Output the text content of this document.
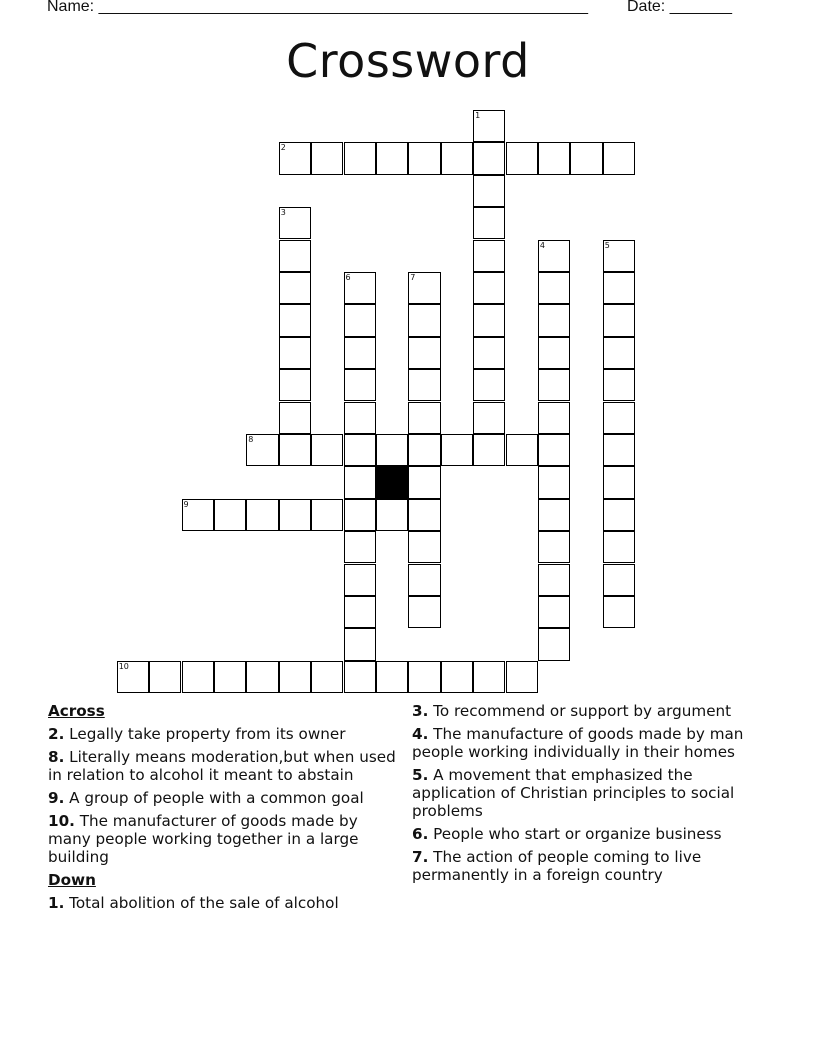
Name: _______________________________________________________ Date: _______
Crossword
1
2
3
4	5
6	7
8
9
10
Across
2. Legally take property from its owner
8. Literally means moderation,but when used in relation to alcohol it meant to abstain
9. A group of people with a common goal
10. The manufacturer of goods made by many people working together in a large building
Down
1. Total abolition of the sale of alcohol
3. To recommend or support by argument
4. The manufacture of goods made by man people working individually in their homes
5. A movement that emphasized the application of Christian principles to social problems
6. People who start or organize business
7. The action of people coming to live permanently in a foreign country
